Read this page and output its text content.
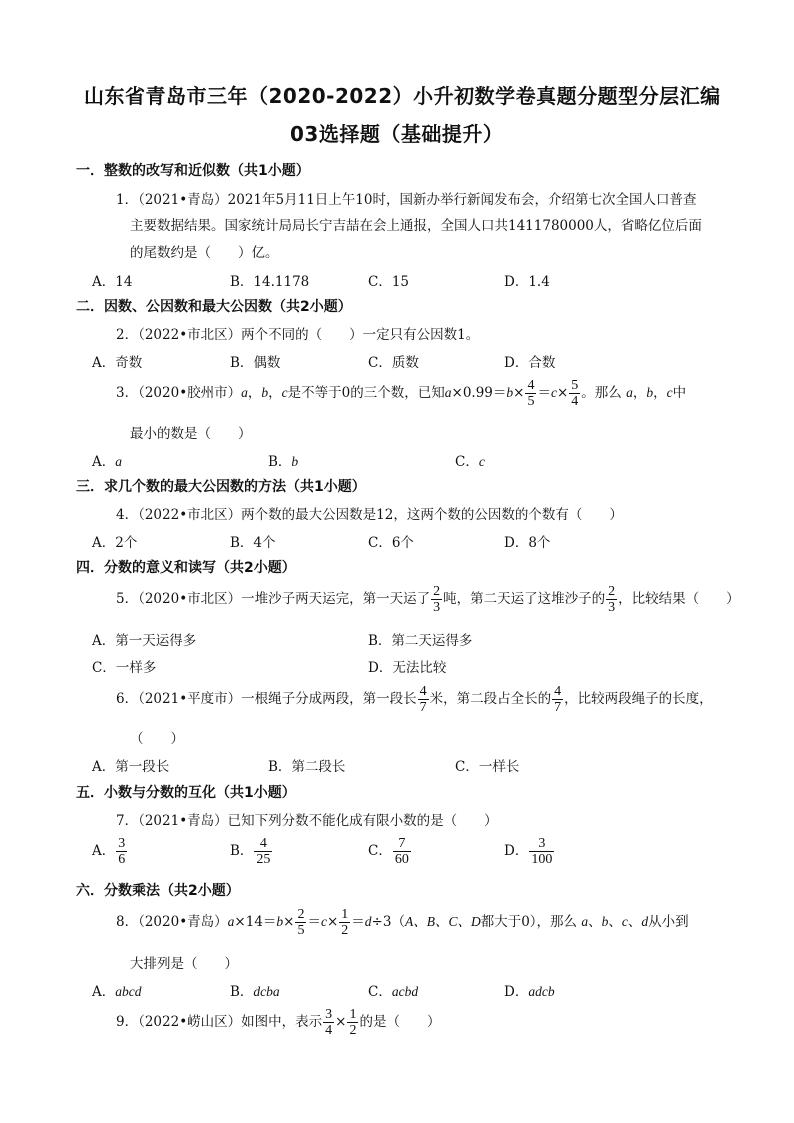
山东省青岛市三年（2020-2022）小升初数学卷真题分题型分层汇编
03选择题（基础提升）
一．整数的改写和近似数（共1小题）
1．（2021•青岛）2021年5月11日上午10时，国新办举行新闻发布会，介绍第七次全国人口普查
主要数据结果。国家统计局局长宁吉喆在会上通报，全国人口共1411780000人，省略亿位后面
的尾数约是（　　）亿。
A．14	B．14.1178	C．15	D．1.4
二．因数、公因数和最大公因数（共2小题）
2．（2022•市北区）两个不同的（　　）一定只有公因数1。
A．奇数	B．偶数	C．质数	D．合数
3．（2020•胶州市）a，b，c是不等于0的三个数，已知$a\times 0.99=b\times \frac{4}{5} =c\times \frac{5}{4}$ 。那么 a，b，c中
最小的数是（　　）
A．a	B．b	C．c
三．求几个数的最大公因数的方法（共1小题）
4．（2022•市北区）两个数的最大公因数是12，这两个数的公因数的个数有（　　）
A．2个	B．4个	C．6个	D．8个
四．分数的意义和读写（共2小题）
5．（2020•市北区）一堆沙子两天运完，第一天运了 $\frac{2}{3}$ 吨，第二天运了这堆沙子的 $\frac{2}{3}$ ，比较结果（　　）
A．第一天运得多	B．第二天运得多
C．一样多	D．无法比较
6．（2021•平度市）一根绳子分成两段，第一段长 $\frac{4}{7}$ 米，第二段占全长的 $\frac{4}{7}$ ，比较两段绳子的长度，
（　　）
A．第一段长	B．第二段长	C．一样长
五．小数与分数的互化（共1小题）
7．（2021•青岛）已知下列分数不能化成有限小数的是（　　）
A． $\frac{3}{6}$	B． $\frac{4}{25}$	C． $\frac{7}{60}$	D． $\frac{3}{100}$
六．分数乘法（共2小题）
8．（2020•青岛）$a\times 14=b\times \frac{2}{5} =c\times \frac{1}{2} =d\div 3(A$、B、C、D都大于0），那么 a、b、c、d从小到
大排列是（　　）
A．abcd	B．dcba	C．acbd	D．adcb
9．（2022•崂山区）如图中，表示 $\frac{3}{4} \times \frac{1}{2}$ 的是（　　）
